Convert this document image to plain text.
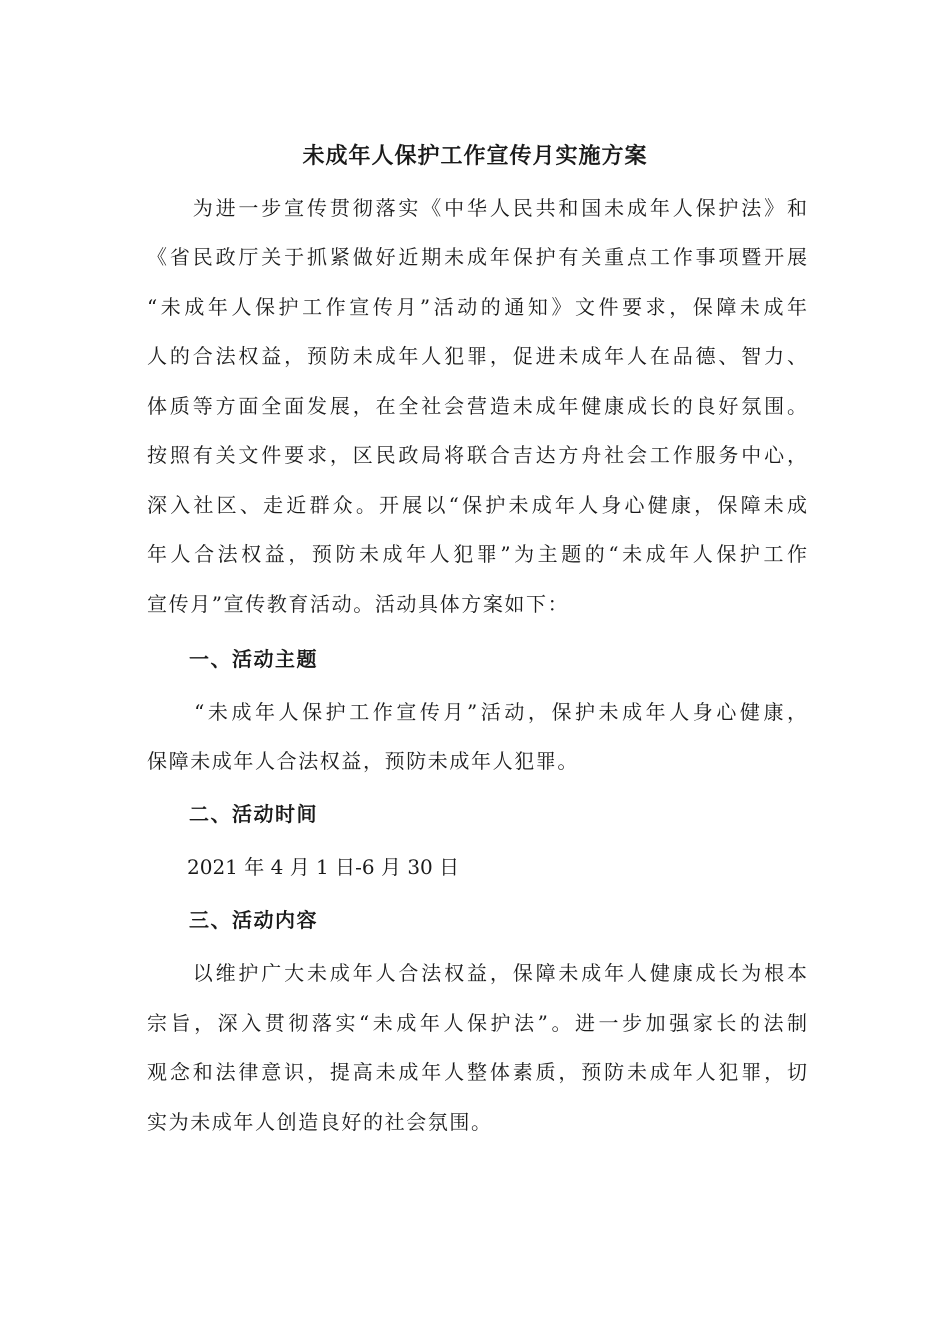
未成年人保护工作宣传月实施方案
　　为进一步宣传贯彻落实《中华人民共和国未成年人保护法》和
《省民政厅关于抓紧做好近期未成年保护有关重点工作事项暨开展
“未成年人保护工作宣传月”活动的通知》文件要求，保障未成年
人的合法权益，预防未成年人犯罪，促进未成年人在品德、智力、
体质等方面全面发展，在全社会营造未成年健康成长的良好氛围。
按照有关文件要求，区民政局将联合吉达方舟社会工作服务中心，
深入社区、走近群众。开展以“保护未成年人身心健康，保障未成
年人合法权益，预防未成年人犯罪”为主题的“未成年人保护工作
宣传月”宣传教育活动。活动具体方案如下：
一、活动主题
　　“未成年人保护工作宣传月”活动，保护未成年人身心健康，
保障未成年人合法权益，预防未成年人犯罪。
二、活动时间
　　2021 年 4 月 1 日-6 月 30 日
三、活动内容
　　以维护广大未成年人合法权益，保障未成年人健康成长为根本
宗旨，深入贯彻落实“未成年人保护法”。进一步加强家长的法制
观念和法律意识，提高未成年人整体素质，预防未成年人犯罪，切
实为未成年人创造良好的社会氛围。
